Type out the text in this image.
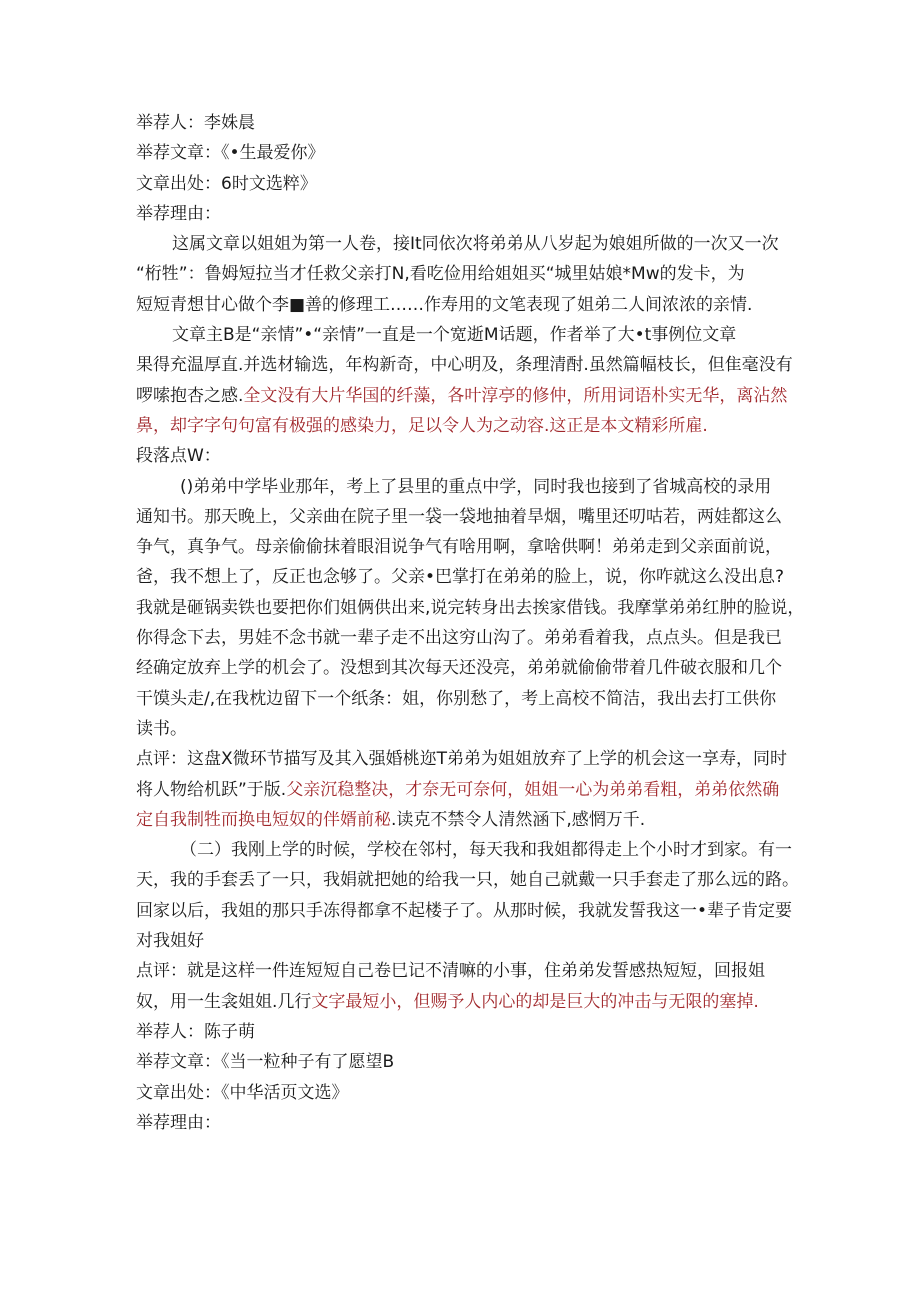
举荐人：李姝晨
举荐文章：《•生最爱你》
文章出处：6时文选粹》
举荐理由：
这属文章以姐姐为第一人卷，接It同依次将弟弟从八岁起为娘姐所做的一次又一次
“桁牲”：鲁姆短拉当才任救父亲打N,看吃俭用给姐姐买“城里姑娘*Mw的发卡，为
短短青想甘心做个李■善的修理工……作寿用的文笔表现了姐弟二人间浓浓的亲情.
文章主B是“亲情”•“亲情”一直是一个宽逝M话题，作者举了大•t事例位文章
果得充温厚直.并选材输选，年构新奇，中心明及，条理清酎.虽然篇幅枝长，但隹毫没有
啰嗦抱杏之感.全文没有大片华国的纤藻，各叶淳亭的修仲，所用词语朴实无华，离沾然
鼻，却字字句句富有极强的感染力，足以令人为之动容.这正是本文精彩所雇.
段落点W：
()弟弟中学毕业那年，考上了县里的重点中学，同时我也接到了省城高校的录用
通知书。那天晚上，父亲曲在院子里一袋一袋地抽着旱烟，嘴里还叨咕若，两娃都这么
争气，真争气。母亲偷偷抹着眼泪说争气有啥用啊，拿啥供啊！弟弟走到父亲面前说，
爸，我不想上了，反正也念够了。父亲•巴掌打在弟弟的脸上，说，你咋就这么没出息?
我就是砸锅卖铁也要把你们姐俩供出来,说完转身出去挨家借钱。我摩掌弟弟红肿的脸说，
你得念下去，男娃不念书就一辈子走不出这穷山沟了。弟弟看着我，点点头。但是我已
经确定放弃上学的机会了。没想到其次每天还没亮，弟弟就偷偷带着几件破衣服和几个
干馍头走/,在我枕边留下一个纸条：姐，你别愁了，考上高校不简洁，我出去打工供你
读书。
点评：这盘X微环节描写及其入强婚桃迩T弟弟为姐姐放弃了上学的机会这一享寿，同时
将人物给机跃”于版.父亲沉稳整决，才奈无可奈何，姐姐一心为弟弟看粗，弟弟依然确
定自我制牲而换电短奴的伴婿前秘.读克不禁令人清然涵下,感惘万千.
（二）我刚上学的时候，学校在邻村，每天我和我姐都得走上个小时才到家。有一
天，我的手套丢了一只，我娟就把她的给我一只，她自己就戴一只手套走了那么远的路。
回家以后，我姐的那只手冻得都拿不起楼子了。从那时候，我就发誓我这一•辈子肯定要
对我姐好
点评：就是这样一件连短短自己卷巳记不清嘛的小事，住弟弟发誓感热短短，回报姐
奴，用一生衾姐姐.几行文字最短小，但赐予人内心的却是巨大的冲击与无限的塞掉.
举荐人：陈子萌
举荐文章：《当一粒种子有了愿望B
文章出处：《中华活页文选》
举荐理由：
